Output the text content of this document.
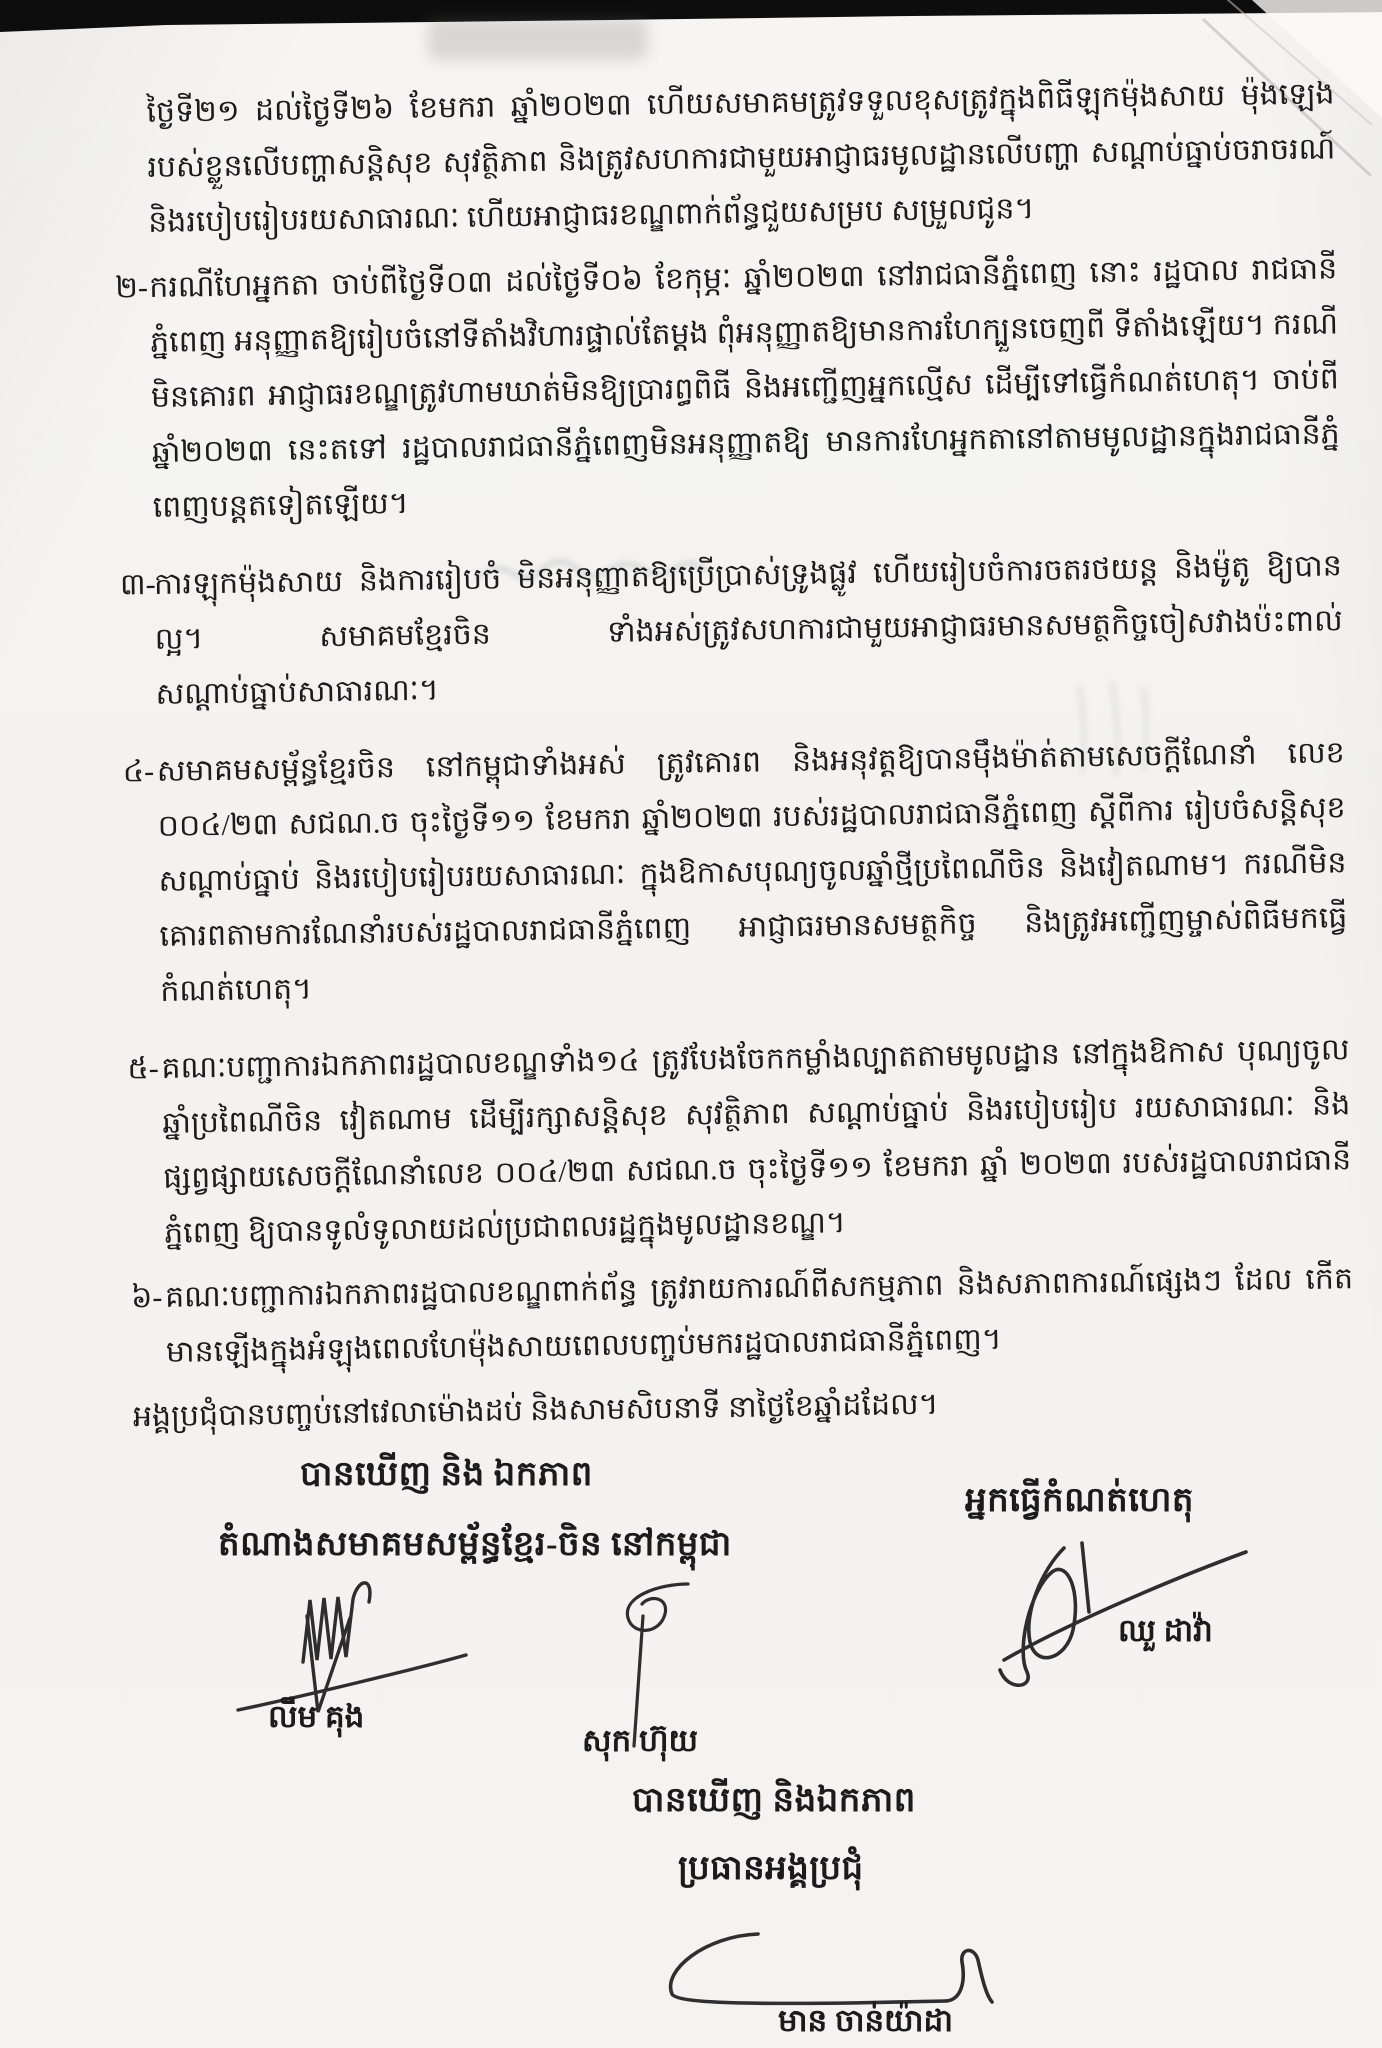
ថ្ងៃទី២១ ដល់ថ្ងៃទី២៦ ខែមករា ឆ្នាំ២០២៣ ហើយសមាគមត្រូវទទួលខុសត្រូវក្នុងពិធីឡុកម៉ុងសាយ ម៉ុងឡេង របស់ខ្លួនលើបញ្ហាសន្តិសុខ សុវត្ថិភាព និងត្រូវសហការជាមួយអាជ្ញាធរមូលដ្ឋានលើបញ្ហា សណ្តាប់ធ្នាប់ចរាចរណ៍ និងរបៀបរៀបរយសាធារណៈ ហើយអាជ្ញាធរខណ្ឌពាក់ព័ន្ធជួយសម្រប សម្រួលជូន។
២- ករណីហែអ្នកតា ចាប់ពីថ្ងៃទី០៣ ដល់ថ្ងៃទី០៦ ខែកុម្ភៈ ឆ្នាំ២០២៣ នៅរាជធានីភ្នំពេញ នោះ រដ្ឋបាល រាជធានីភ្នំពេញ អនុញ្ញាតឱ្យរៀបចំនៅទីតាំងវិហារផ្ទាល់តែម្តង ពុំអនុញ្ញាតឱ្យមានការហែក្បួនចេញពី ទីតាំងឡើយ។ ករណីមិនគោរព អាជ្ញាធរខណ្ឌត្រូវហាមឃាត់មិនឱ្យប្រារព្ធពិធី និងអញ្ជើញអ្នកល្មើស ដើម្បីទៅធ្វើកំណត់ហេតុ។ ចាប់ពីឆ្នាំ២០២៣ នេះតទៅ រដ្ឋបាលរាជធានីភ្នំពេញមិនអនុញ្ញាតឱ្យ មានការហែអ្នកតានៅតាមមូលដ្ឋានក្នុងរាជធានីភ្នំពេញបន្តតទៀតឡើយ។
៣-
ការឡុកម៉ុងសាយ និងការរៀបចំ មិនអនុញ្ញាតឱ្យប្រើប្រាស់ទ្រូងផ្លូវ ហើយរៀបចំការចតរថយន្ត និងម៉ូតូ ឱ្យបានល្អ។ សមាគមខ្មែរចិន ទាំងអស់ត្រូវសហការជាមួយអាជ្ញាធរមានសមត្ថកិច្ចចៀសវាងប៉ះពាល់ សណ្តាប់ធ្នាប់សាធារណៈ។
៤- សមាគមសម្ព័ន្ធខ្មែរចិន នៅកម្ពុជាទាំងអស់ ត្រូវគោរព និងអនុវត្តឱ្យបានម៉ឹងម៉ាត់តាមសេចក្តីណែនាំ លេខ ០០៤/២៣ សជណ.ច ចុះថ្ងៃទី១១ ខែមករា ឆ្នាំ២០២៣ របស់រដ្ឋបាលរាជធានីភ្នំពេញ ស្តីពីការ រៀបចំសន្តិសុខ សណ្តាប់ធ្នាប់ និងរបៀបរៀបរយសាធារណៈ ក្នុងឱកាសបុណ្យចូលឆ្នាំថ្មីប្រពៃណីចិន និងវៀតណាម។ ករណីមិនគោរពតាមការណែនាំរបស់រដ្ឋបាលរាជធានីភ្នំពេញ អាជ្ញាធរមានសមត្ថកិច្ច និងត្រូវអញ្ជើញម្ចាស់ពិធីមកធ្វើកំណត់ហេតុ។
៥- គណៈបញ្ជាការឯកភាពរដ្ឋបាលខណ្ឌទាំង១៤ ត្រូវបែងចែកកម្លាំងល្បាតតាមមូលដ្ឋាន នៅក្នុងឱកាស បុណ្យចូលឆ្នាំប្រពៃណីចិន វៀតណាម ដើម្បីរក្សាសន្តិសុខ សុវត្ថិភាព សណ្តាប់ធ្នាប់ និងរបៀបរៀប រយសាធារណៈ និងផ្សព្វផ្សាយសេចក្តីណែនាំលេខ ០០៤/២៣ សជណ.ច ចុះថ្ងៃទី១១ ខែមករា ឆ្នាំ ២០២៣ របស់រដ្ឋបាលរាជធានីភ្នំពេញ ឱ្យបានទូលំទូលាយដល់ប្រជាពលរដ្ឋក្នុងមូលដ្ឋានខណ្ឌ។
៦- គណៈបញ្ជាការឯកភាពរដ្ឋបាលខណ្ឌពាក់ព័ន្ធ ត្រូវរាយការណ៍ពីសកម្មភាព និងសភាពការណ៍ផ្សេងៗ ដែល កើតមានឡើងក្នុងអំឡុងពេលហែម៉ុងសាយពេលបញ្ចប់មករដ្ឋបាលរាជធានីភ្នំពេញ។
អង្គប្រជុំបានបញ្ចប់នៅវេលាម៉ោងដប់ និងសាមសិបនាទី នាថ្ងៃខែឆ្នាំដដែល។
បានឃើញ និង ឯកភាព
តំណាងសមាគមសម្ព័ន្ធខ្មែរ-ចិន នៅកម្ពុជា
អ្នកធ្វើកំណត់ហេតុ
ឈួ ដាវ៉ា
លឹម គុង
សុក ហ៊ុយ
បានឃើញ និងឯកភាព
ប្រធានអង្គប្រជុំ
មាន ចាន់យ៉ាដា
